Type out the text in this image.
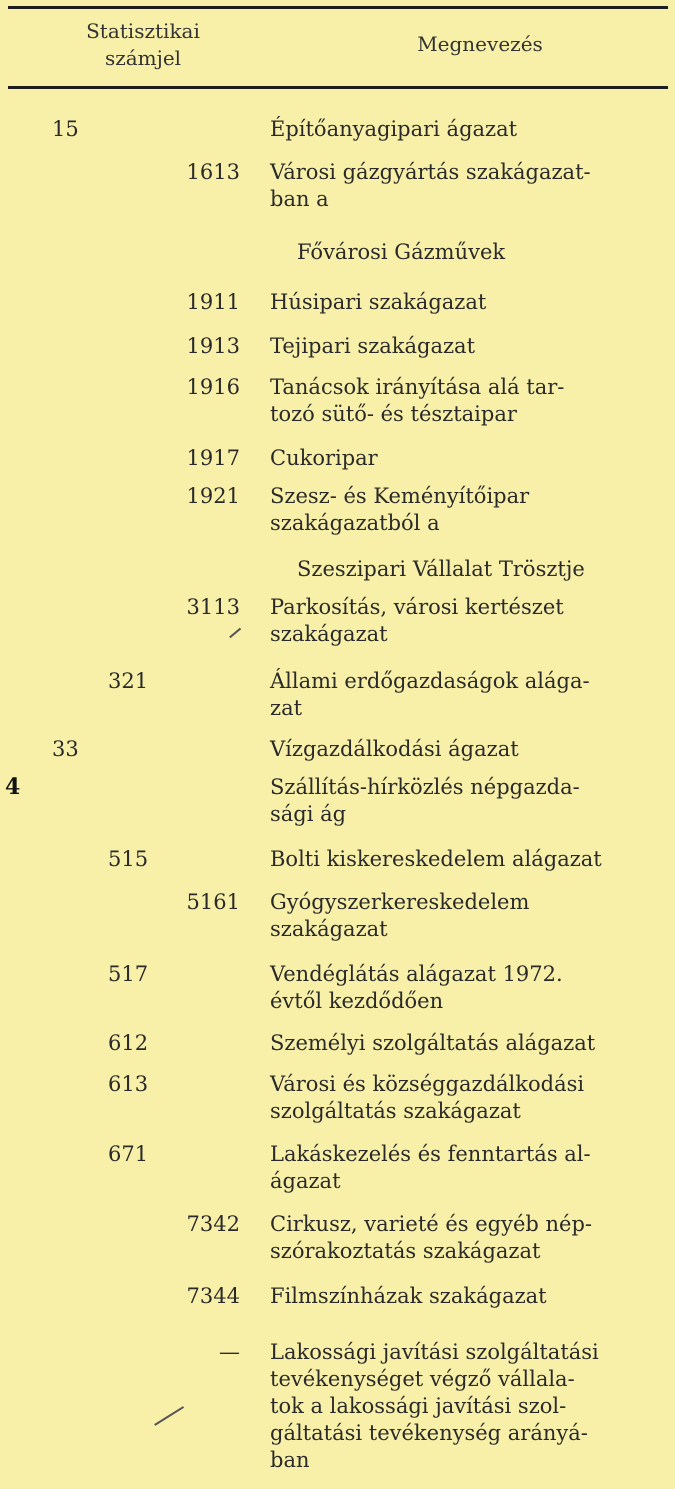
Statisztikai
számjel
Megnevezés
15	Építőanyagipari ágazat
1613 Városi gázgyártás szakágazat-
ban a
Fővárosi Gázművek
1911 Húsipari szakágazat
1913 Tejipari szakágazat
1916 Tanácsok irányítása alá tar-
tozó sütő- és tésztaipar
1917 Cukoripar
1921 Szesz- és Keményítőipar
szakágazatból a
Szeszipari Vállalat Trösztje
3113 Parkosítás, városi kertészet
szakágazat
321	Állami erdőgazdaságok alága-
zat
33	Vízgazdálkodási ágazat
4	Szállítás-hírközlés népgazda-
sági ág
515	Bolti kiskereskedelem alágazat
5161 Gyógyszerkereskedelem
szakágazat
517	Vendéglátás alágazat 1972.
évtől kezdődően
612	Személyi szolgáltatás alágazat
613	Városi és községgazdálkodási
szolgáltatás szakágazat
671	Lakáskezelés és fenntartás al-
ágazat
7342 Cirkusz, varieté és egyéb nép-
szórakoztatás szakágazat
7344 Filmszínházak szakágazat
— Lakossági javítási szolgáltatási
tevékenységet végző vállala-
tok a lakossági javítási szol-
gáltatási tevékenység arányá-
ban
